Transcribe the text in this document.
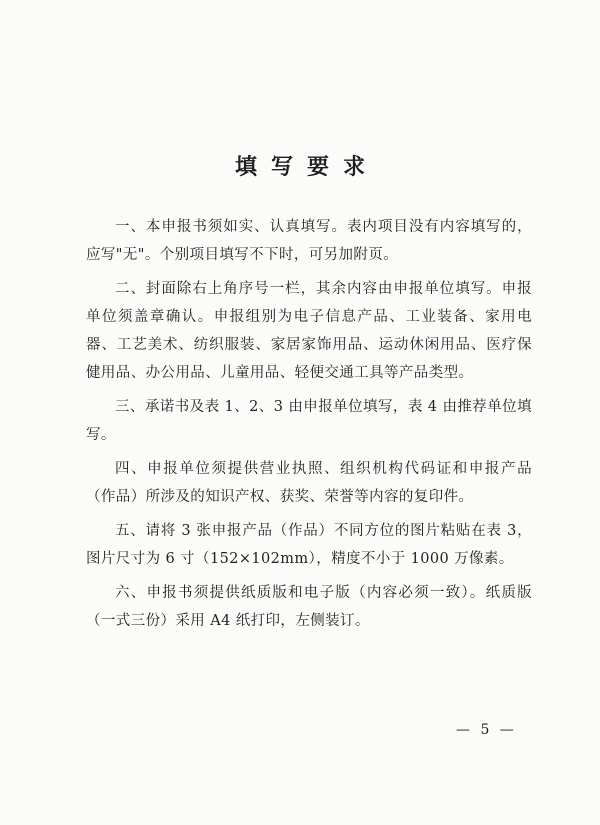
填写要求

一、本申报书须如实、认真填写。表内项目没有内容填写的，应写"无"。个别项目填写不下时，可另加附页。

二、封面除右上角序号一栏，其余内容由申报单位填写。申报单位须盖章确认。申报组别为电子信息产品、工业装备、家用电器、工艺美术、纺织服装、家居家饰用品、运动休闲用品、医疗保健用品、办公用品、儿童用品、轻便交通工具等产品类型。

三、承诺书及表 1、2、3 由申报单位填写，表 4 由推荐单位填写。

四、申报单位须提供营业执照、组织机构代码证和申报产品（作品）所涉及的知识产权、获奖、荣誉等内容的复印件。

五、请将 3 张申报产品（作品）不同方位的图片粘贴在表 3，图片尺寸为 6 寸（152×102mm），精度不小于 1000 万像素。

六、申报书须提供纸质版和电子版（内容必须一致）。纸质版（一式三份）采用 A4 纸打印，左侧装订。

— 5 —
